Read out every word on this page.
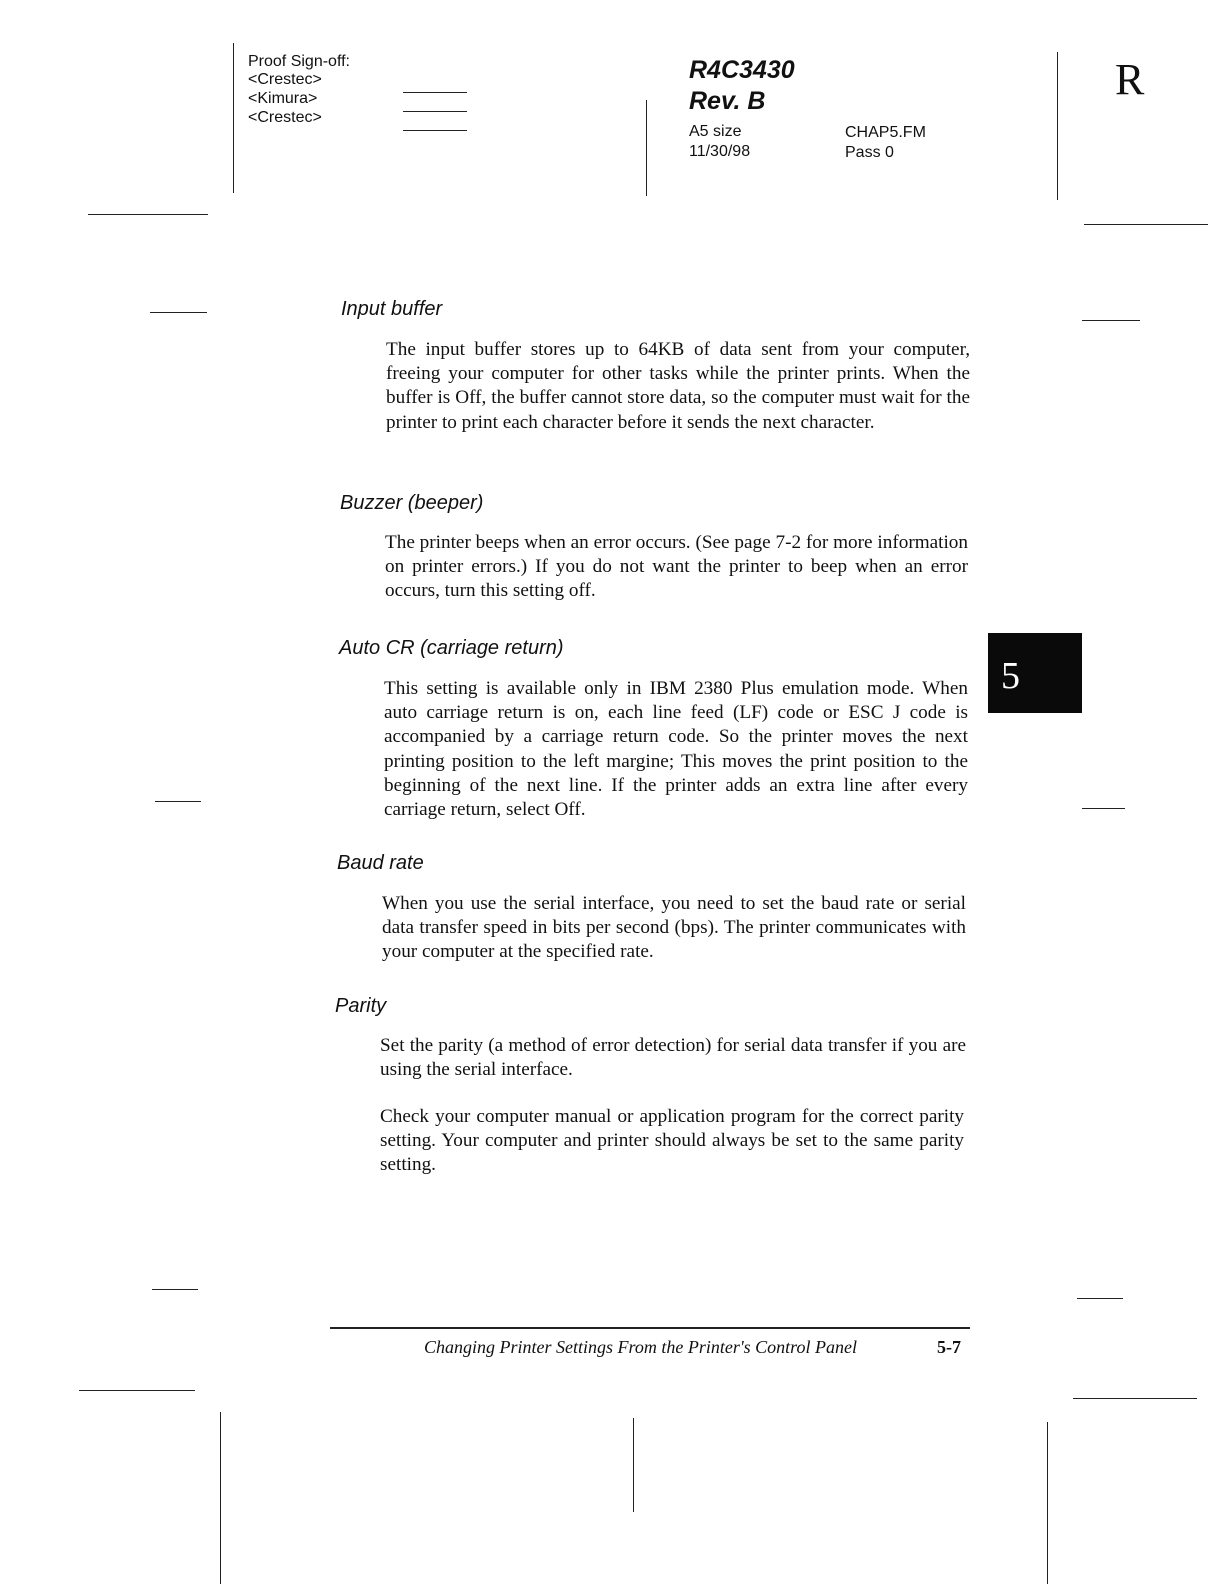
Proof Sign-off:
<Crestec>
<Kimura>
<Crestec>
R4C3430
Rev. B
A5 size
11/30/98
CHAP5.FM
Pass 0
R
5
Input buffer
The input buffer stores up to 64KB of data sent from your computer, freeing your computer for other tasks while the printer prints. When the buffer is Off, the buffer cannot store data, so the computer must wait for the printer to print each character before it sends the next character.
Buzzer (beeper)
The printer beeps when an error occurs. (See page 7-2 for more information on printer errors.) If you do not want the printer to beep when an error occurs, turn this setting off.
Auto CR (carriage return)
This setting is available only in IBM 2380 Plus emulation mode. When auto carriage return is on, each line feed (LF) code or ESC J code is accompanied by a carriage return code. So the printer moves the next printing position to the left margine; This moves the print position to the beginning of the next line. If the printer adds an extra line after every carriage return, select Off.
Baud rate
When you use the serial interface, you need to set the baud rate or serial data transfer speed in bits per second (bps). The printer communicates with your computer at the specified rate.
Parity
Set the parity (a method of error detection) for serial data transfer if you are using the serial interface.
Check your computer manual or application program for the correct parity setting. Your computer and printer should always be set to the same parity setting.
Changing Printer Settings From the Printer's Control Panel	5-7
